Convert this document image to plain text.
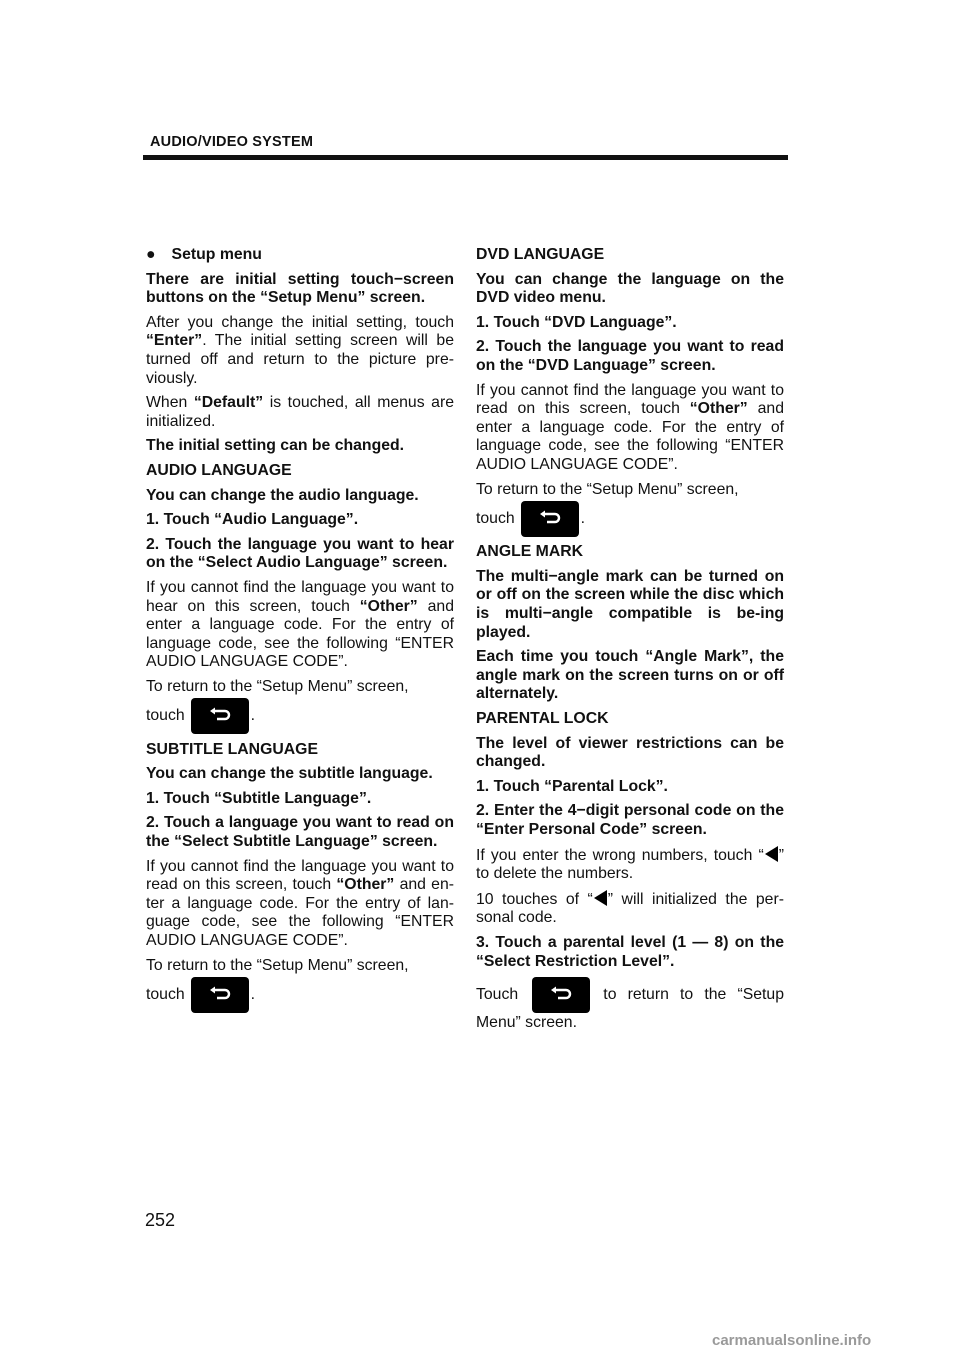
AUDIO/VIDEO SYSTEM

● Setup menu

There are initial setting touch−screen buttons on the “Setup Menu” screen.

After you change the initial setting, touch “Enter”. The initial setting screen will be turned off and return to the picture pre-viously.

When “Default” is touched, all menus are initialized.

The initial setting can be changed.

AUDIO LANGUAGE

You can change the audio language.

1. Touch “Audio Language”.

2. Touch the language you want to hear on the “Select Audio Language” screen.

If you cannot find the language you want to hear on this screen, touch “Other” and enter a language code. For the entry of language code, see the following “ENTER AUDIO LANGUAGE CODE”.

To return to the “Setup Menu” screen,

touch	.

SUBTITLE LANGUAGE

You can change the subtitle language.

1. Touch “Subtitle Language”.

2. Touch a language you want to read on the “Select Subtitle Language” screen.

If you cannot find the language you want to read on this screen, touch “Other” and en-ter a language code. For the entry of lan-guage code, see the following “ENTER AUDIO LANGUAGE CODE”.

To return to the “Setup Menu” screen,

touch	.

DVD LANGUAGE

You can change the language on the DVD video menu.

1. Touch “DVD Language”.

2. Touch the language you want to read on the “DVD Language” screen.

If you cannot find the language you want to read on this screen, touch “Other” and enter a language code. For the entry of language code, see the following “ENTER AUDIO LANGUAGE CODE”.

To return to the “Setup Menu” screen,

touch	.

ANGLE MARK

The multi−angle mark can be turned on or off on the screen while the disc which is multi−angle compatible is be-ing played.

Each time you touch “Angle Mark”, the angle mark on the screen turns on or off alternately.

PARENTAL LOCK

The level of viewer restrictions can be changed.

1. Touch “Parental Lock”.

2. Enter the 4−digit personal code on the “Enter Personal Code” screen.

If you enter the wrong numbers, touch “ ” to delete the numbers.

10 touches of “ ” will initialized the per-sonal code.

3. Touch a parental level (1 — 8) on the “Select Restriction Level”.

Touch	to return to the “Setup Menu” screen.

252
carmanualsonline.info
